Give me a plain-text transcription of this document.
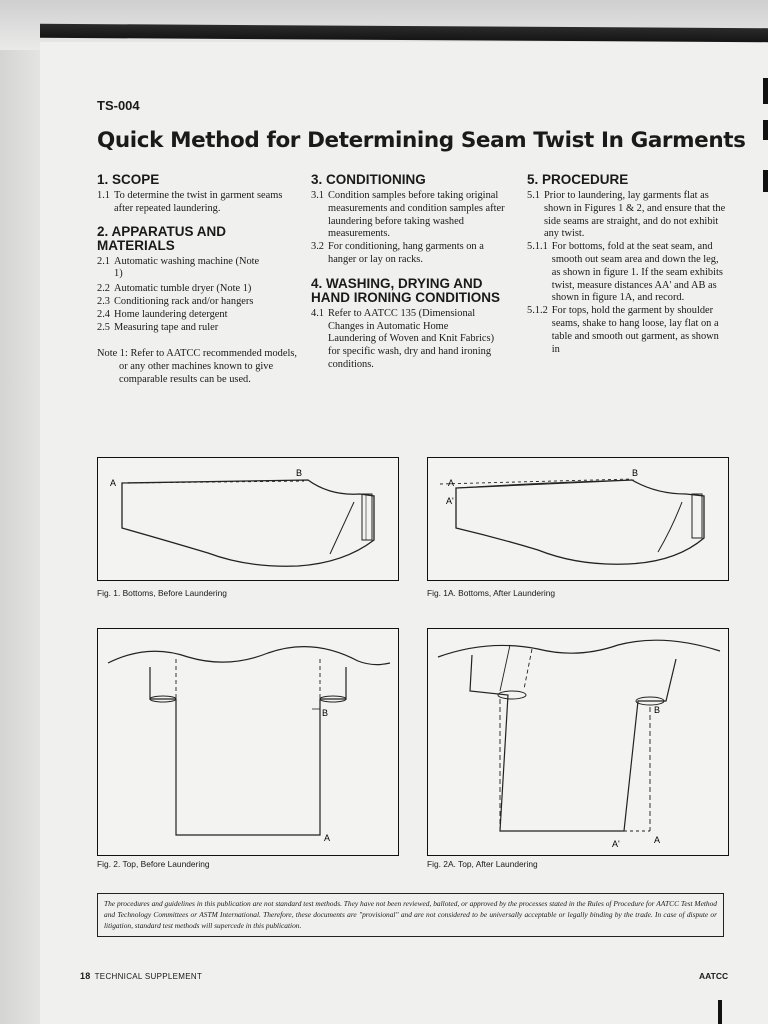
TS-004
Quick Method for Determining Seam Twist In Garments
1. SCOPE
1.1 To determine the twist in garment seams after repeated laundering.
2. APPARATUS AND MATERIALS
2.1 Automatic washing machine (Note 1)
2.2 Automatic tumble dryer (Note 1)
2.3 Conditioning rack and/or hangers
2.4 Home laundering detergent
2.5 Measuring tape and ruler
Note 1: Refer to AATCC recommended models, or any other machines known to give comparable results can be used.
3. CONDITIONING
3.1 Condition samples before taking original measurements and condition samples after laundering before taking washed measurements.
3.2 For conditioning, hang garments on a hanger or lay on racks.
4. WASHING, DRYING AND HAND IRONING CONDITIONS
4.1 Refer to AATCC 135 (Dimensional Changes in Automatic Home Laundering of Woven and Knit Fabrics) for specific wash, dry and hand ironing conditions.
5. PROCEDURE
5.1 Prior to laundering, lay garments flat as shown in Figures 1 & 2, and ensure that the side seams are straight, and do not exhibit any twist.
5.1.1 For bottoms, fold at the seat seam, and smooth out seam area and down the leg, as shown in figure 1. If the seam exhibits twist, measure distances AA' and AB as shown in figure 1A, and record.
5.1.2 For tops, hold the garment by shoulder seams, shake to hang loose, lay flat on a table and smooth out garment, as shown in
A
B
Fig. 1. Bottoms, Before Laundering
A
A'
B
Fig. 1A. Bottoms, After Laundering
B
A
Fig. 2. Top, Before Laundering
B
A'	A
Fig. 2A. Top, After Laundering
The procedures and guidelines in this publication are not standard test methods. They have not been reviewed, balloted, or approved by the processes stated in the Rules of Procedure for AATCC Test Method and Technology Committees or ASTM International. Therefore, these documents are "provisional" and are not considered to be universally acceptable or legally binding by the trade. In case of dispute or litigation, standard test methods will supercede in this publication.
18 TECHNICAL SUPPLEMENT	AATCC
